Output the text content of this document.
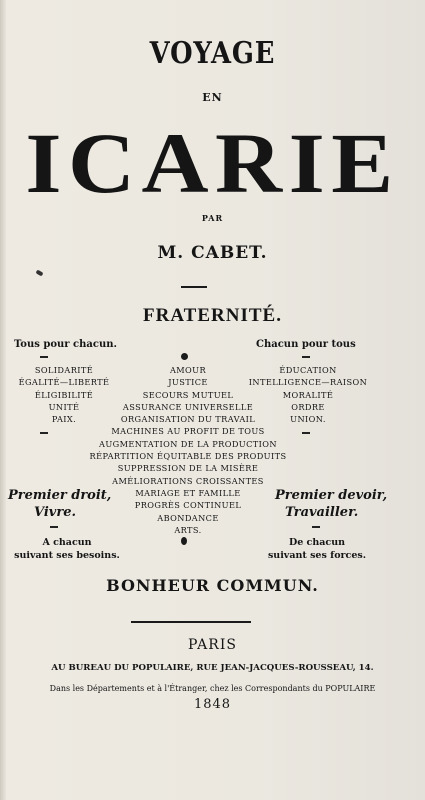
VOYAGE
EN
ICARIE
PAR
M. CABET.
FRATERNITÉ.
Tous pour chacun.
SOLIDARITÉ
ÉGALITÉ—LIBERTÉ
ÉLIGIBILITÉ
UNITÉ
PAIX.
Premier droit,
Vivre.
A chacun
suivant ses besoins.
Chacun pour tous
ÉDUCATION
INTELLIGENCE—RAISON
MORALITÉ
ORDRE
UNION.
Premier devoir,
Travailler.
De chacun
suivant ses forces.
AMOUR
JUSTICE
SECOURS MUTUEL
ASSURANCE UNIVERSELLE
ORGANISATION DU TRAVAIL
MACHINES AU PROFIT DE TOUS
AUGMENTATION DE LA PRODUCTION
RÉPARTITION ÉQUITABLE DES PRODUITS
SUPPRESSION DE LA MISÈRE
AMÉLIORATIONS CROISSANTES
MARIAGE ET FAMILLE
PROGRÈS CONTINUEL
ABONDANCE
ARTS.
BONHEUR COMMUN.
PARIS
AU BUREAU DU POPULAIRE, RUE JEAN-JACQUES-ROUSSEAU, 14.
Dans les Départements et à l'Étranger, chez les Correspondants du POPULAIRE
1848
